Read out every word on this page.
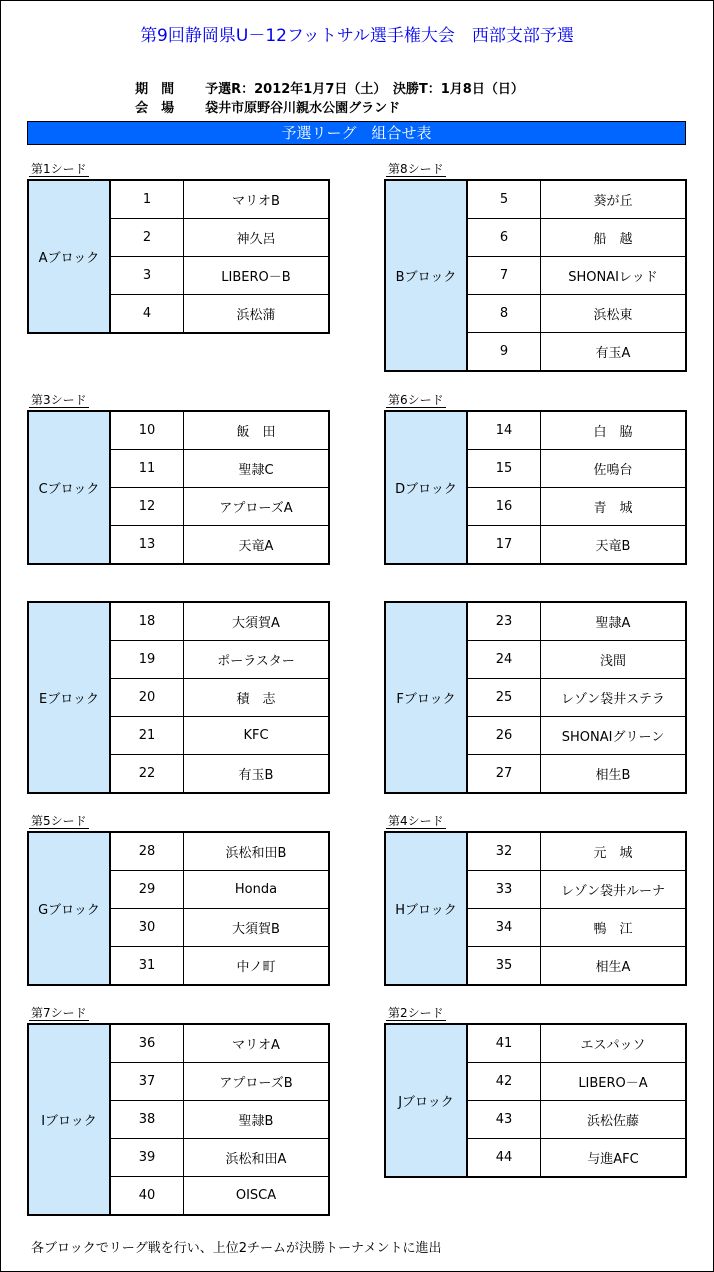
第9回静岡県U－12フットサル選手権大会　西部支部予選

期　間 予選R：2012年1月7日（土）　決勝T：1月8日（日）

会　場 袋井市原野谷川親水公園グランド

予選リーグ　組合せ表
第1シード
Aブロック
1	マリオB
2	神久呂
3	LIBERO－B
4	浜松蒲
第8シード
Bブロック
5	葵が丘
6	船　越
7	SHONAIレッド
8	浜松東
9	有玉A
第3シード
Cブロック
10	飯　田
11	聖隷C
12	アプローズA
13	天竜A
第6シード
Dブロック
14	白　脇
15	佐鳴台
16	青　城
17	天竜B
Eブロック
18	大須賀A
19	ポーラスター
20	積　志
21	KFC
22	有玉B
Fブロック
23	聖隷A
24	浅間
25	レゾン袋井ステラ
26	SHONAIグリーン
27	相生B
第5シード
Gブロック
28	浜松和田B
29	Honda
30	大須賀B
31	中ノ町
第4シード
Hブロック
32	元　城
33	レゾン袋井ルーナ
34	鴨　江
35	相生A
第7シード
Iブロック
36	マリオA
37	アプローズB
38	聖隷B
39	浜松和田A
40	OISCA
第2シード
Jブロック
41	エスパッソ
42	LIBERO－A
43	浜松佐藤
44	与進AFC
各ブロックでリーグ戦を行い、上位2チームが決勝トーナメントに進出
